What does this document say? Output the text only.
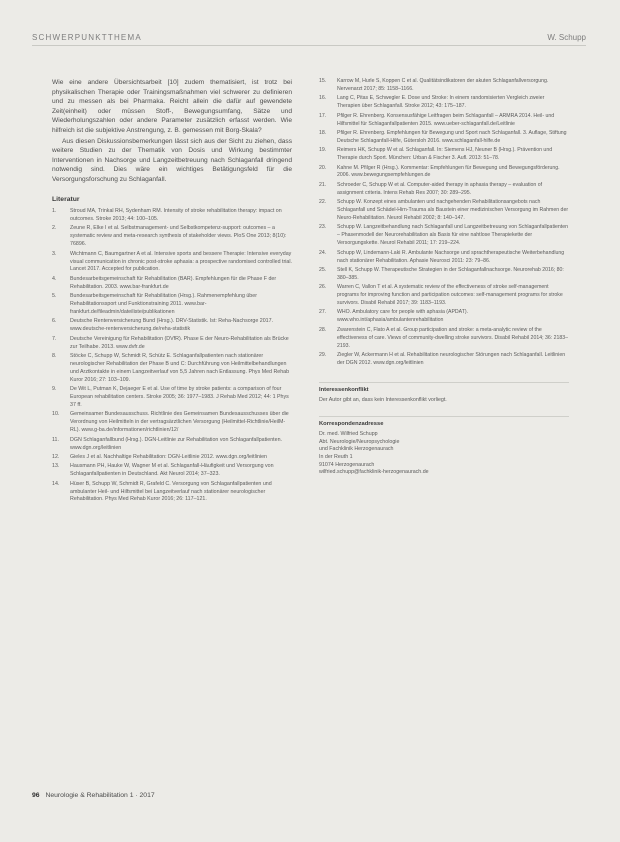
SCHWERPUNKTTHEMA	W. Schupp

Wie eine andere Übersichtsarbeit [10] zudem thematisiert, ist trotz bei physikalischen Therapie oder Trainingsmaßnahmen viel schwerer zu definieren und zu messen als bei Pharmaka. Reicht allein die dafür auf gewendete Zeit(einheit) oder müssen Stoff-, Bewegungsumfang, Sätze und Wiederholungszahlen oder andere Parameter zusätzlich erfasst werden. Wie hilfreich ist die subjektive Anstrengung, z. B. gemessen mit Borg-Skala?

Aus diesen Diskussionsbemerkungen lässt sich aus der Sicht zu ziehen, dass weitere Studien zu der Thematik von Dosis und Wirkung bestimmter Interventionen in Nachsorge und Langzeitbetreuung nach Schlaganfall dringend notwendig sind. Dies wäre ein wichtiges Betätigungsfeld für die Versorgungsforschung zu Schlaganfall.

Literatur
1.	Stroud MA, Trinkal RH, Sydenham RM. Intensity of stroke rehabilitation therapy: impact on outcomes. Stroke 2013; 44: 100–105.
2.	Zeune R, Elke I et al. Selbstmanagement- und Selbstkompetenz-support: outcomes – a systematic review and meta-research synthesis of stakeholder views. PloS One 2013; 8(10): 76896.
3.	Wichtmann C, Baumgartner A et al. Intensive sports and bessere Therapie: Intensive everyday visual communication in chronic post-stroke aphasia: a prospective randomised controlled trial. Lancet 2017. Accepted for publication.
4.	Bundesarbeitsgemeinschaft für Rehabilitation (BAR). Empfehlungen für die Phase F der Rehabilitation. 2003. www.bar-frankfurt.de
5.	Bundesarbeitsgemeinschaft für Rehabilitation (Hrsg.). Rahmenempfehlung über Rehabilitationssport und Funktionstraining 2011. www.bar-frankfurt.de/fileadmin/dateiliste/publikationen
6.	Deutsche Rentenversicherung Bund (Hrsg.). DRV-Statistik. Ist: Reha-Nachsorge 2017. www.deutsche-rentenversicherung.de/reha-statistik
7.	Deutsche Vereinigung für Rehabilitation (DVfR). Phase E der Neuro-Rehabilitation als Brücke zur Teilhabe. 2013. www.dvfr.de
8.	Stöcke C, Schupp W, Schmidt R, Schütz E. Schlaganfallpatienten nach stationärer neurologischer Rehabilitation der Phase B und C: Durchführung von Heilmittelbehandlungen und Arztkontakte in einem Langzeitverlauf von 5,5 Jahren nach Entlassung. Phys Med Rehab Kuror 2016; 27: 103–109.
9.	De Wit L, Putman K, Dejaeger E et al. Use of time by stroke patients: a comparison of four European rehabilitation centers. Stroke 2005; 36: 1977–1983. J Rehab Med 2012; 44: 1 Phys 37 ff.
10. Gemeinsamer Bundesausschuss. Richtlinie des Gemeinsamen Bundesausschusses über die Verordnung von Heilmitteln in der vertragsärztlichen Versorgung (Heilmittel-Richtlinie/HeilM-RL). www.g-ba.de/informationen/richtlinien/12/
11. DGN Schlaganfallbund (Hrsg.). DGN-Leitlinie zur Rehabilitation von Schlaganfallpatienten. www.dgn.org/leitlinien
12. Gieles J et al. Nachhaltige Rehabilitation: DGN-Leitlinie 2012. www.dgn.org/leitlinien
13. Hausmann PH, Hauke W, Wagner M et al. Schlaganfall-Häufigkeit und Versorgung von Schlaganfallpatienten in Deutschland. Akt Neurol 2014; 37–323.
14. Hüser B, Schupp W, Schmidt R, Grafeld C. Versorgung von Schlaganfallpatienten und ambulanter Heil- und Hilfsmittel bei Langzeitverlauf nach stationärer neurologischer Rehabilitation. Phys Med Rehab Kuror 2016; 26: 117–121.
15. Karrow M, Hurle S, Koppen C et al. Qualitätsindikatoren der akuten Schlaganfallversorgung. Nervenarzt 2017; 85: 1158–1166.
16. Lang C, Pitas E, Schwegler E. Dose und Stroke: In einem randomisierten Vergleich zweier Therapien über Schlaganfall. Stroke 2012; 43: 175–187.
17. Pfilger R. Ehrenberg. Konsensusfähige Leitfragen beim Schlaganfall – ARMRA 2014. Heil- und Hilfsmittel für Schlaganfallpatienten 2015. www.ueber-schlaganfall.de/Leitlinie
18. Pfilger R. Ehrenberg. Empfehlungen für Bewegung und Sport nach Schlaganfall. 3. Auflage, Stiftung Deutsche Schlaganfall-Hilfe, Gütersloh 2016. www.schlaganfall-hilfe.de
19. Reimers HK, Schupp W et al. Schlaganfall. In: Siemens HJ, Neuner B (Hrsg.). Prävention und Therapie durch Sport. München: Urban & Fischer 3. Aufl. 2013: 51–78.
20. Kahne M. Pfilger R (Hrsg.). Kommentar: Empfehlungen für Bewegung und Bewegungsförderung. 2006. www.bewegungsempfehlungen.de
21. Schroeder C, Schupp W et al. Computer-aided therapy in aphasia therapy – evaluation of assignment criteria. Intens Rehab Res 2007; 30: 289–295.
22. Schupp W. Konzept eines ambulanten und nachgehenden Rehabilitationsangebots nach Schlaganfall und Schädel-Hirn-Trauma als Baustein einer medizinischen Versorgung im Rahmen der Neuro-Rehabilitation. Neurol Rehabil 2002; 8: 140–147.
23. Schupp W. Langzeitbehandlung nach Schlaganfall und Langzeitbetreuung von Schlaganfallpatienten – Phasenmodell der Neurorehabilitation als Basis für eine nahtlose Therapiekette der Versorgungskette. Neurol Rehabil 2011; 17: 219–224.
24. Schupp W, Lindemann-Laki R. Ambulante Nachsorge und sprachtherapeutische Weiterbehandlung nach stationärer Rehabilitation. Aphasie Neurosci 2011: 23: 79–86.
25. Stell K, Schupp W. Therapeutische Strategien in der Schlaganfallnachsorge. Neurorehab 2016; 80: 380–385.
26. Warren C, Vallon T et al. A systematic review of the effectiveness of stroke self-management programs for improving function and participation outcomes: self-management programs for stroke survivors. Disabil Rehabil 2017; 39: 1183–1193.
27. WHO. Ambulatory care for people with aphasia (APDAT). www.who.int/aphasia/ambulantenrehabilitation
28. Zwarenstein C, Flato A et al. Group participation and stroke: a meta-analytic review of the effectiveness of care. Views of community-dwelling stroke survivors. Disabil Rehabil 2014; 36: 2183–2193.
29. Ziegler W, Ackermann H et al. Rehabilitation neurologischer Störungen nach Schlaganfall. Leitlinien der DGN 2012. www.dgn.org/leitlinien
Interessenkonflikt
Der Autor gibt an, dass kein Interessenkonflikt vorliegt.
Korrespondenzadresse
Dr. med. Wilfried Schupp
Abt. Neurologie/Neuropsychologie
und Fachklinik Herzogenaurach
In der Reuth 1
91074 Herzogenaurach
wilfried.schupp@fachklinik-herzogenaurach.de
96 Neurologie & Rehabilitation 1 · 2017
